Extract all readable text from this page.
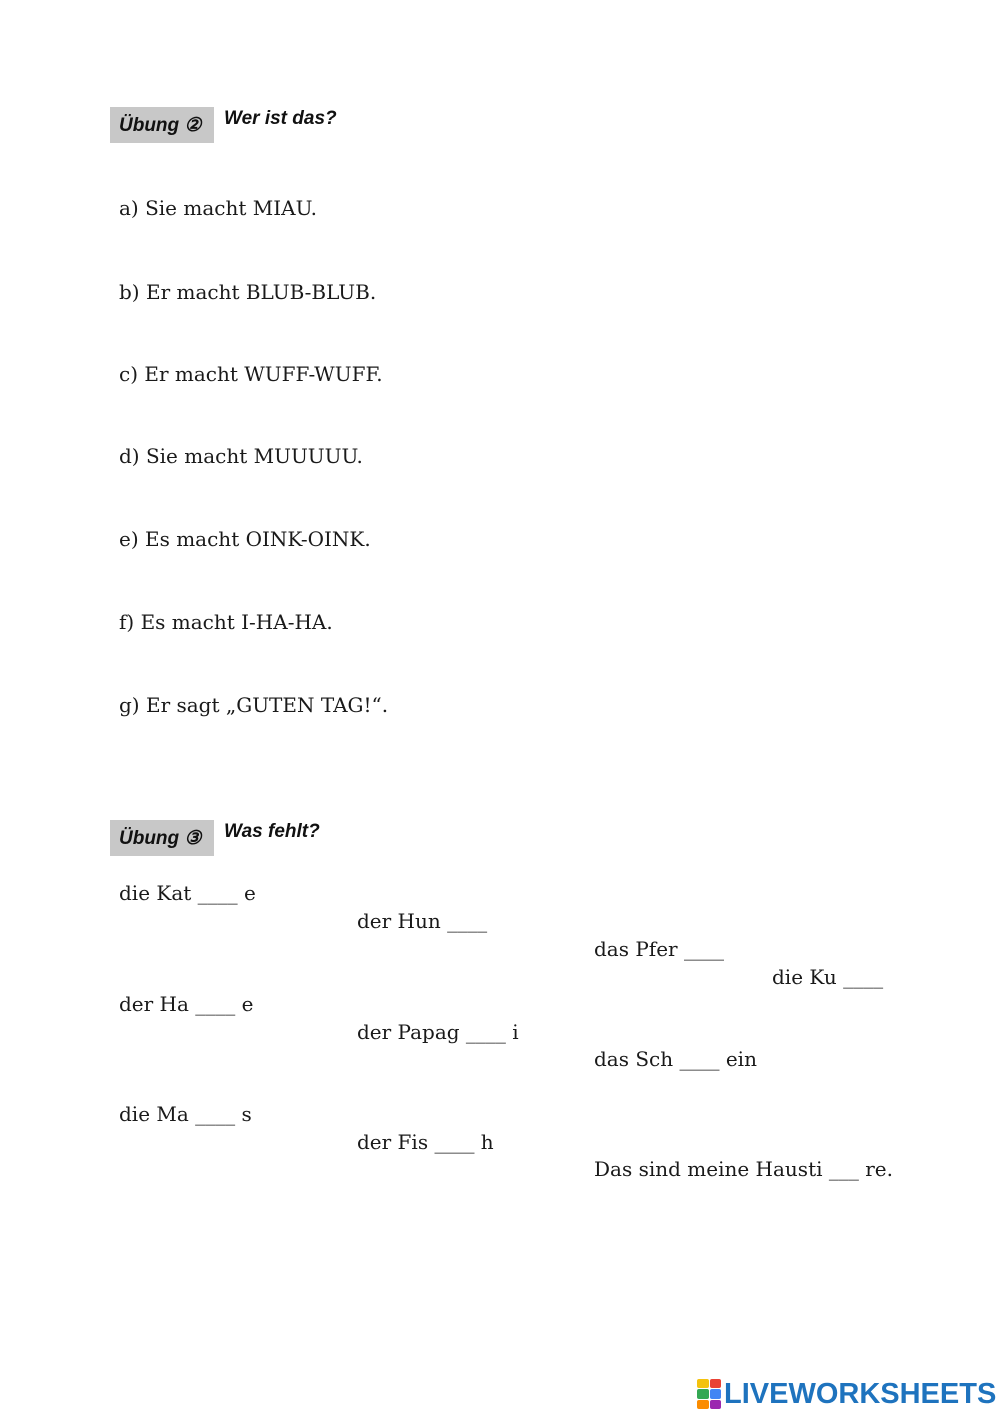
Übung ②	Wer ist das?
a) Sie macht MIAU.
b) Er macht BLUB-BLUB.
c) Er macht WUFF-WUFF.
d) Sie macht MUUUUU.
e) Es macht OINK-OINK.
f) Es macht I-HA-HA.
g) Er sagt „GUTEN TAG!“.
Übung ③	Was fehlt?
die Kat ____ e
der Hun ____
das Pfer ____
die Ku ____
der Ha ____ e
der Papag ____ i
das Sch ____ ein
die Ma ____ s
der Fis ____ h
Das sind meine Hausti ___ re.
LIVEWORKSHEETS
